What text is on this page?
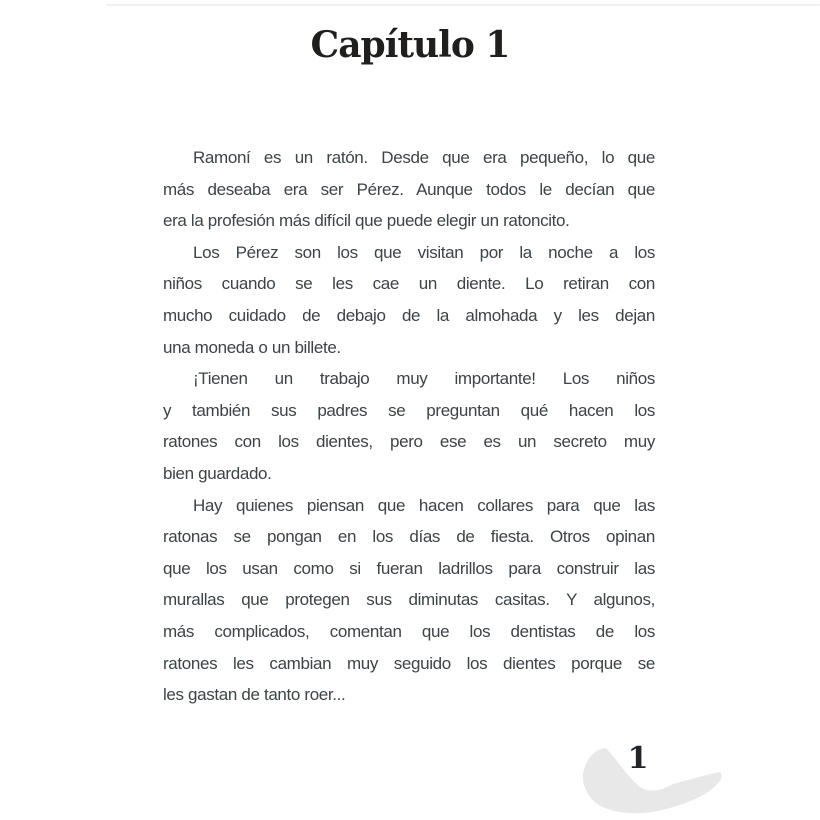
Capítulo 1
Ramoní es un ratón. Desde que era pequeño, lo que
más deseaba era ser Pérez. Aunque todos le decían que
era la profesión más difícil que puede elegir un ratoncito.
Los Pérez son los que visitan por la noche a los
niños cuando se les cae un diente. Lo retiran con
mucho cuidado de debajo de la almohada y les dejan
una moneda o un billete.
¡Tienen un trabajo muy importante! Los niños
y también sus padres se preguntan qué hacen los
ratones con los dientes, pero ese es un secreto muy
bien guardado.
Hay quienes piensan que hacen collares para que las
ratonas se pongan en los días de fiesta. Otros opinan
que los usan como si fueran ladrillos para construir las
murallas que protegen sus diminutas casitas. Y algunos,
más complicados, comentan que los dentistas de los
ratones les cambian muy seguido los dientes porque se
les gastan de tanto roer...
1
